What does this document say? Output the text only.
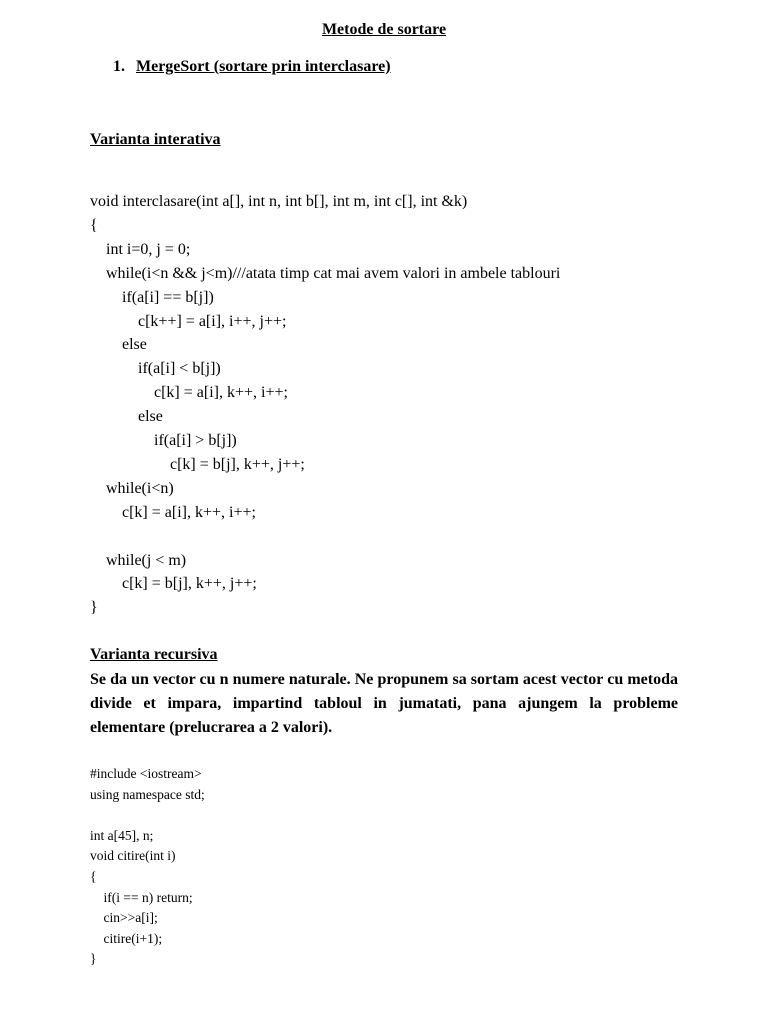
Metode de sortare
1. MergeSort (sortare prin interclasare)
Varianta interativa
void interclasare(int a[], int n, int b[], int m, int c[], int &k)
{
int i=0, j = 0;
while(i<n && j<m)///atata timp cat mai avem valori in ambele tablouri
if(a[i] == b[j])
c[k++] = a[i], i++, j++;
else
if(a[i] < b[j])
c[k] = a[i], k++, i++;
else
if(a[i] > b[j])
c[k] = b[j], k++, j++;
while(i<n)
c[k] = a[i], k++, i++;
while(j < m)
c[k] = b[j], k++, j++;
}
Varianta recursiva
Se da un vector cu n numere naturale. Ne propunem sa sortam acest vector cu metoda divide et impara, impartind tabloul in jumatati, pana ajungem la probleme elementare (prelucrarea a 2 valori).
#include <iostream>
using namespace std;
int a[45], n;
void citire(int i)
{
if(i == n) return;
cin>>a[i];
citire(i+1);
}
